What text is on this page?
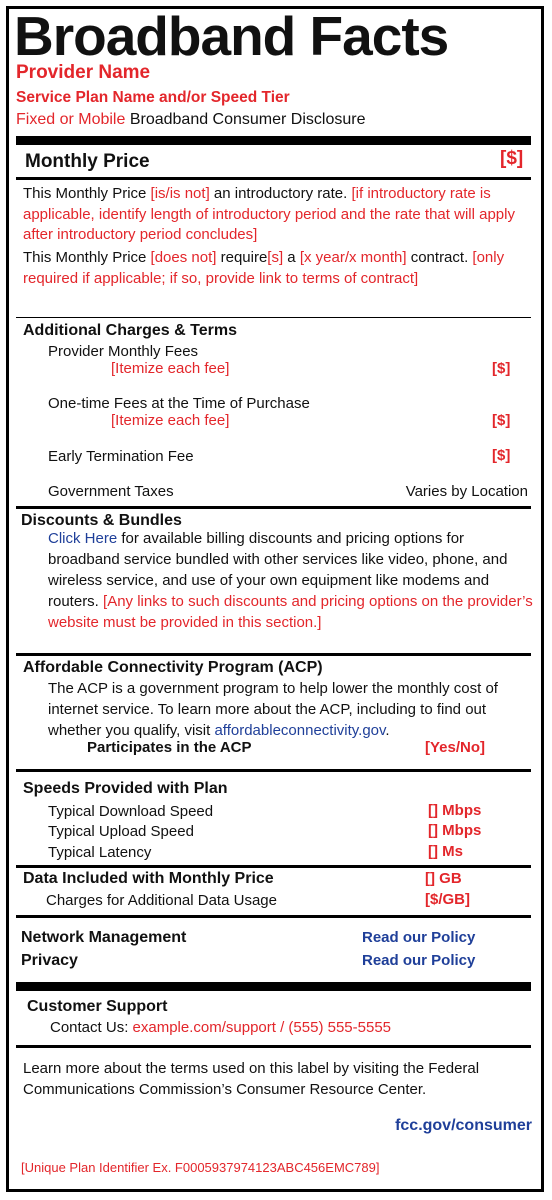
Broadband Facts
Provider Name
Service Plan Name and/or Speed Tier
Fixed or Mobile Broadband Consumer Disclosure
Monthly Price	[$]
This Monthly Price [is/is not] an introductory rate. [if introductory rate is applicable, identify length of introductory period and the rate that will apply after introductory period concludes]
This Monthly Price [does not] require[s] a [x year/x month] contract. [only required if applicable; if so, provide link to terms of contract]
Additional Charges & Terms
Provider Monthly Fees
[Itemize each fee]	[$]
One-time Fees at the Time of Purchase
[Itemize each fee]	[$]
Early Termination Fee	[$]
Government Taxes	Varies by Location
Discounts & Bundles
Click Here for available billing discounts and pricing options for broadband service bundled with other services like video, phone, and wireless service, and use of your own equipment like modems and routers. [Any links to such discounts and pricing options on the provider’s website must be provided in this section.]
Affordable Connectivity Program (ACP)
The ACP is a government program to help lower the monthly cost of internet service. To learn more about the ACP, including to find out whether you qualify, visit affordableconnectivity.gov.
Participates in the ACP	[Yes/No]
Speeds Provided with Plan
Typical Download Speed	[] Mbps
Typical Upload Speed	[] Mbps
Typical Latency	[] Ms
Data Included with Monthly Price	[] GB
Charges for Additional Data Usage	[$/GB]
Network Management	Read our Policy
Privacy	Read our Policy
Customer Support
Contact Us: example.com/support / (555) 555-5555
Learn more about the terms used on this label by visiting the Federal Communications Commission’s Consumer Resource Center.
fcc.gov/consumer
[Unique Plan Identifier Ex. F0005937974123ABC456EMC789]
